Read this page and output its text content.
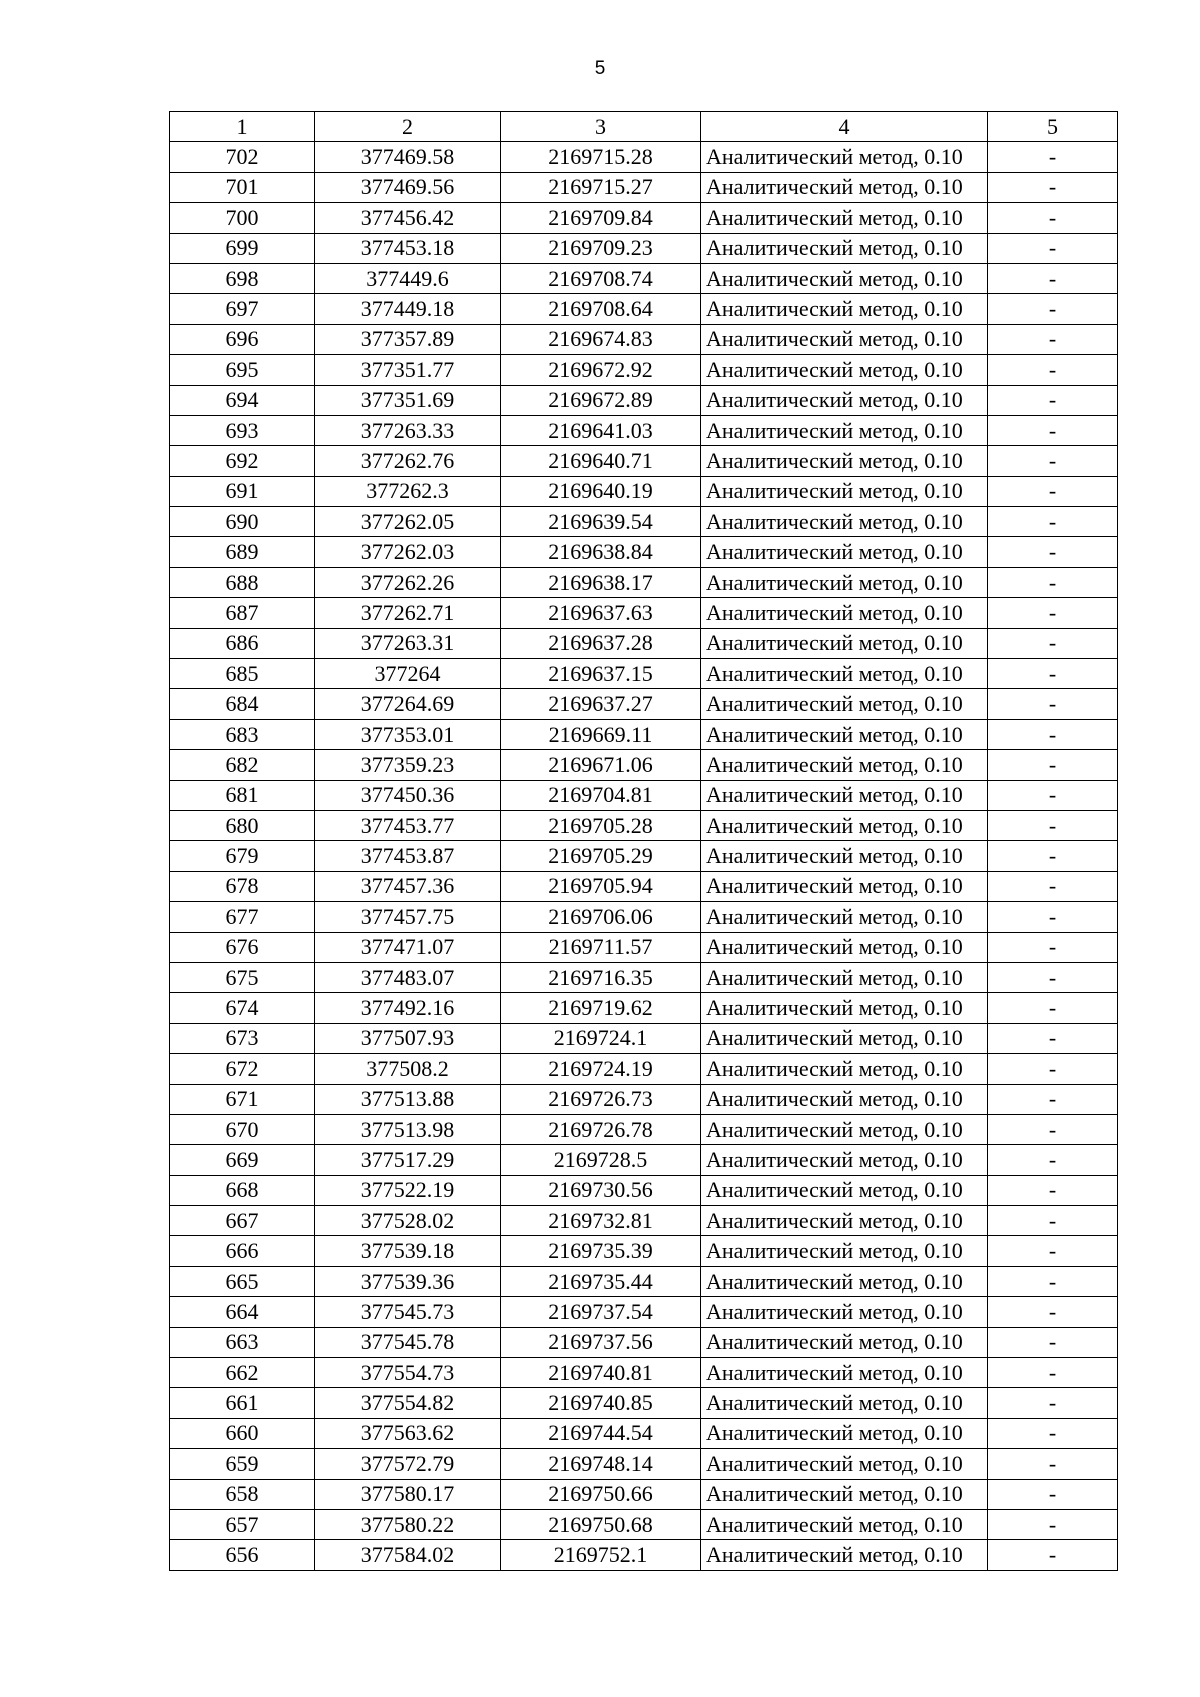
5
1	2	3	4	5
702	377469.58	2169715.28	Аналитический метод, 0.10	-
701	377469.56	2169715.27	Аналитический метод, 0.10	-
700	377456.42	2169709.84	Аналитический метод, 0.10	-
699	377453.18	2169709.23	Аналитический метод, 0.10	-
698	377449.6	2169708.74	Аналитический метод, 0.10	-
697	377449.18	2169708.64	Аналитический метод, 0.10	-
696	377357.89	2169674.83	Аналитический метод, 0.10	-
695	377351.77	2169672.92	Аналитический метод, 0.10	-
694	377351.69	2169672.89	Аналитический метод, 0.10	-
693	377263.33	2169641.03	Аналитический метод, 0.10	-
692	377262.76	2169640.71	Аналитический метод, 0.10	-
691	377262.3	2169640.19	Аналитический метод, 0.10	-
690	377262.05	2169639.54	Аналитический метод, 0.10	-
689	377262.03	2169638.84	Аналитический метод, 0.10	-
688	377262.26	2169638.17	Аналитический метод, 0.10	-
687	377262.71	2169637.63	Аналитический метод, 0.10	-
686	377263.31	2169637.28	Аналитический метод, 0.10	-
685	377264	2169637.15	Аналитический метод, 0.10	-
684	377264.69	2169637.27	Аналитический метод, 0.10	-
683	377353.01	2169669.11	Аналитический метод, 0.10	-
682	377359.23	2169671.06	Аналитический метод, 0.10	-
681	377450.36	2169704.81	Аналитический метод, 0.10	-
680	377453.77	2169705.28	Аналитический метод, 0.10	-
679	377453.87	2169705.29	Аналитический метод, 0.10	-
678	377457.36	2169705.94	Аналитический метод, 0.10	-
677	377457.75	2169706.06	Аналитический метод, 0.10	-
676	377471.07	2169711.57	Аналитический метод, 0.10	-
675	377483.07	2169716.35	Аналитический метод, 0.10	-
674	377492.16	2169719.62	Аналитический метод, 0.10	-
673	377507.93	2169724.1	Аналитический метод, 0.10	-
672	377508.2	2169724.19	Аналитический метод, 0.10	-
671	377513.88	2169726.73	Аналитический метод, 0.10	-
670	377513.98	2169726.78	Аналитический метод, 0.10	-
669	377517.29	2169728.5	Аналитический метод, 0.10	-
668	377522.19	2169730.56	Аналитический метод, 0.10	-
667	377528.02	2169732.81	Аналитический метод, 0.10	-
666	377539.18	2169735.39	Аналитический метод, 0.10	-
665	377539.36	2169735.44	Аналитический метод, 0.10	-
664	377545.73	2169737.54	Аналитический метод, 0.10	-
663	377545.78	2169737.56	Аналитический метод, 0.10	-
662	377554.73	2169740.81	Аналитический метод, 0.10	-
661	377554.82	2169740.85	Аналитический метод, 0.10	-
660	377563.62	2169744.54	Аналитический метод, 0.10	-
659	377572.79	2169748.14	Аналитический метод, 0.10	-
658	377580.17	2169750.66	Аналитический метод, 0.10	-
657	377580.22	2169750.68	Аналитический метод, 0.10	-
656	377584.02	2169752.1	Аналитический метод, 0.10	-
